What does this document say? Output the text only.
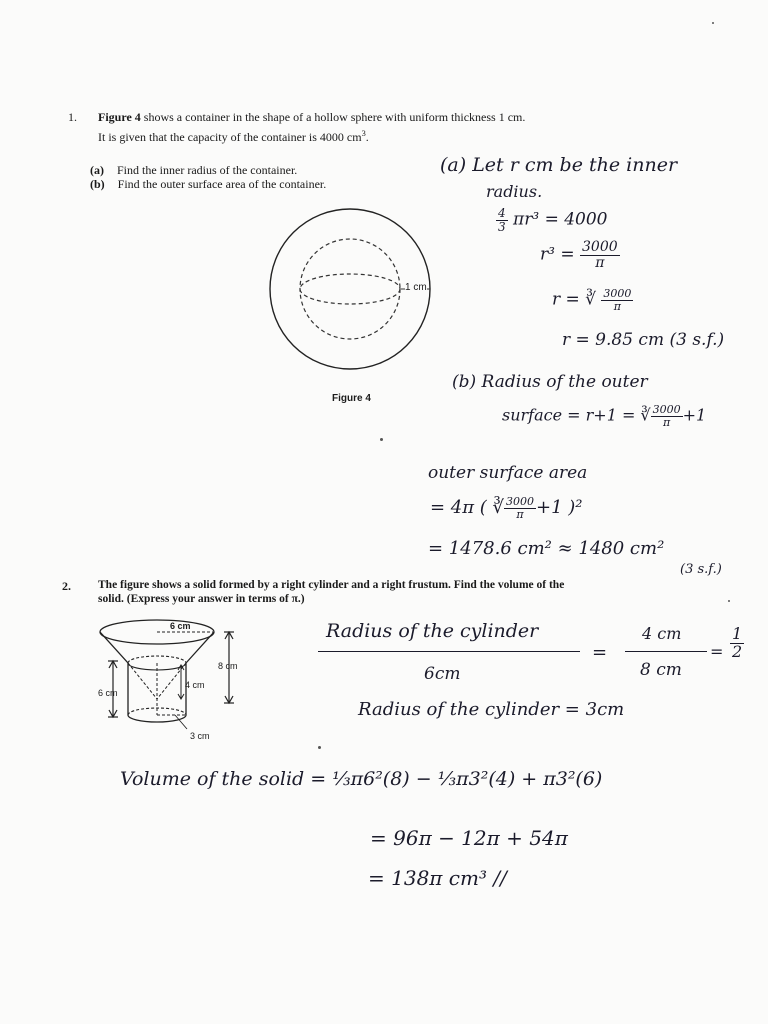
1. Figure 4 shows a container in the shape of a hollow sphere with uniform thickness 1 cm.
It is given that the capacity of the container is 4000 $cm^3$.
(a) Find the inner radius of the container.
(b) Find the outer surface area of the container.
1 cm
Figure 4
(a) Let r cm be the inner
radius.
$\frac{4}{3} \pi r^3 = 4000$
$r^3 = \frac{3000}{\pi}$
r = ∛ $\frac{3000}{\pi}$
r = 9.85 cm (3 s.f.)
(b) Radius of the outer
surface = r+1 = ∛ $\frac{3000}{\pi} +1$
outer surface area
= 4π ( ∛ $\frac{3000}{\pi} +1$ )²
= 1478.6 cm² ≈ 1480 cm²
(3 s.f.)
2. The figure shows a solid formed by a right cylinder and a right frustum. Find the volume of the
solid. (Express your answer in terms of π.)
6 cm
8 cm
4 cm
6 cm
3 cm
Radius of the cylinder
6cm
=
4 cm
8 cm
= $\frac{1}{2}$
Radius of the cylinder = 3cm
Volume of the solid = ⅓π6²(8) − ⅓π3²(4) + π3²(6)
= 96π − 12π + 54π
= 138π cm³ //
